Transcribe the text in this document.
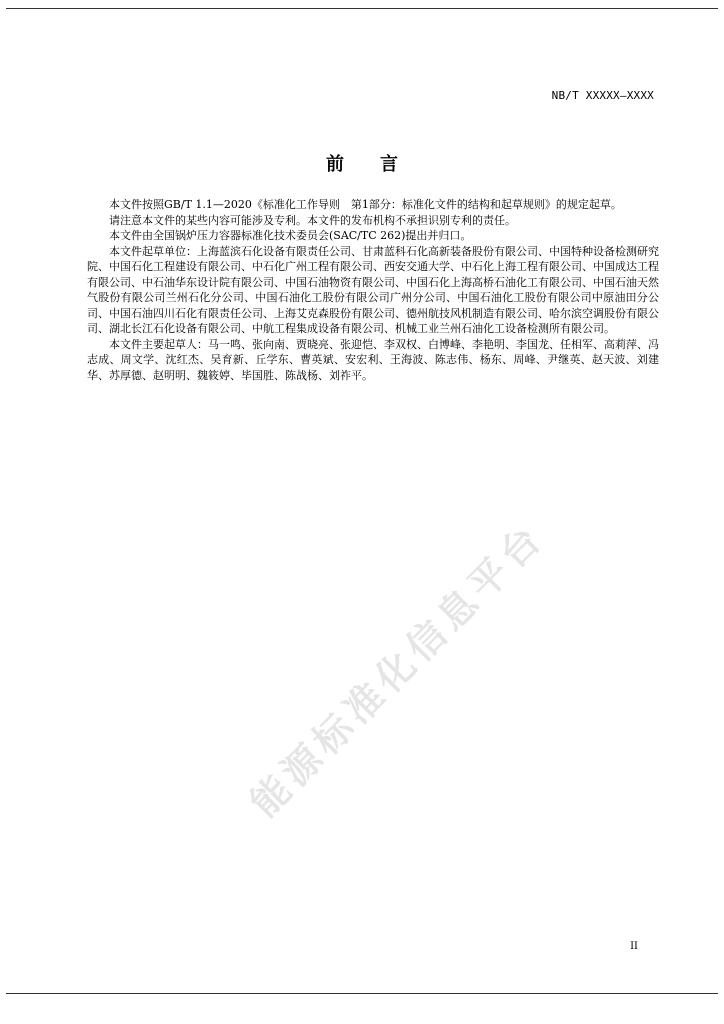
NB/T XXXXX—XXXX
前言

本文件按照GB/T 1.1—2020《标准化工作导则　第1部分：标准化文件的结构和起草规则》的规定起草。

请注意本文件的某些内容可能涉及专利。本文件的发布机构不承担识别专利的责任。

本文件由全国锅炉压力容器标准化技术委员会(SAC/TC 262)提出并归口。

本文件起草单位：上海蓝滨石化设备有限责任公司、甘肃蓝科石化高新装备股份有限公司、中国特种设备检测研究院、中国石化工程建设有限公司、中石化广州工程有限公司、西安交通大学、中石化上海工程有限公司、中国成达工程有限公司、中石油华东设计院有限公司、中国石油物资有限公司、中国石化上海高桥石油化工有限公司、中国石油天然气股份有限公司兰州石化分公司、中国石油化工股份有限公司广州分公司、中国石油化工股份有限公司中原油田分公司、中国石油四川石化有限责任公司、上海艾克森股份有限公司、德州航技风机制造有限公司、哈尔滨空调股份有限公司、湖北长江石化设备有限公司、中航工程集成设备有限公司、机械工业兰州石油化工设备检测所有限公司。

本文件主要起草人：马一鸣、张向南、贾晓亮、张迎恺、李双权、白博峰、李艳明、李国龙、任相军、高莉萍、冯志成、周文学、沈红杰、吴育新、丘学东、曹英斌、安宏利、王海波、陈志伟、杨东、周峰、尹继英、赵天波、刘建华、苏厚德、赵明明、魏筱婷、毕国胜、陈战杨、刘祚平。

能源标准化信息平台
II
